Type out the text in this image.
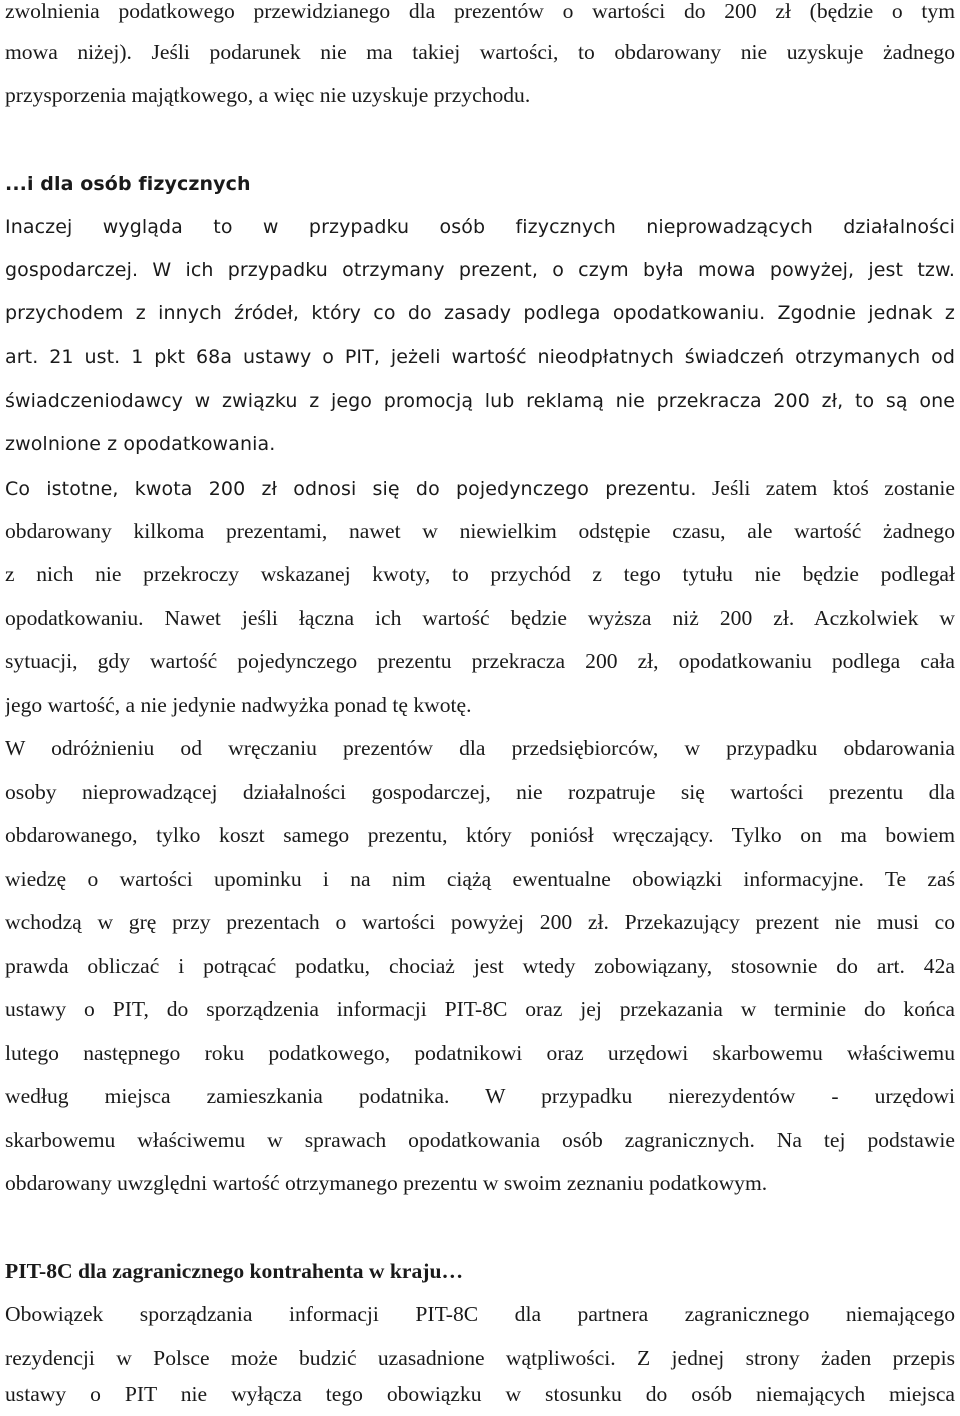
zwolnienia podatkowego przewidzianego dla prezentów o wartości do 200 zł (będzie o tym
mowa niżej). Jeśli podarunek nie ma takiej wartości, to obdarowany nie uzyskuje żadnego
przysporzenia majątkowego, a więc nie uzyskuje przychodu.
...i dla osób fizycznych
Inaczej wygląda to w przypadku osób fizycznych nieprowadzących działalności
gospodarczej. W ich przypadku otrzymany prezent, o czym była mowa powyżej, jest tzw.
przychodem z innych źródeł, który co do zasady podlega opodatkowaniu. Zgodnie jednak z
art. 21 ust. 1 pkt 68a ustawy o PIT, jeżeli wartość nieodpłatnych świadczeń otrzymanych od
świadczeniodawcy w związku z jego promocją lub reklamą nie przekracza 200 zł, to są one
zwolnione z opodatkowania.
Co istotne, kwota 200 zł odnosi się do pojedynczego prezentu. Jeśli zatem ktoś zostanie
obdarowany kilkoma prezentami, nawet w niewielkim odstępie czasu, ale wartość żadnego
z nich nie przekroczy wskazanej kwoty, to przychód z tego tytułu nie będzie podlegał
opodatkowaniu. Nawet jeśli łączna ich wartość będzie wyższa niż 200 zł. Aczkolwiek w
sytuacji, gdy wartość pojedynczego prezentu przekracza 200 zł, opodatkowaniu podlega cała
jego wartość, a nie jedynie nadwyżka ponad tę kwotę.
W odróżnieniu od wręczaniu prezentów dla przedsiębiorców, w przypadku obdarowania
osoby nieprowadzącej działalności gospodarczej, nie rozpatruje się wartości prezentu dla
obdarowanego, tylko koszt samego prezentu, który poniósł wręczający. Tylko on ma bowiem
wiedzę o wartości upominku i na nim ciążą ewentualne obowiązki informacyjne. Te zaś
wchodzą w grę przy prezentach o wartości powyżej 200 zł. Przekazujący prezent nie musi co
prawda obliczać i potrącać podatku, chociaż jest wtedy zobowiązany, stosownie do art. 42a
ustawy o PIT, do sporządzenia informacji PIT-8C oraz jej przekazania w terminie do końca
lutego następnego roku podatkowego, podatnikowi oraz urzędowi skarbowemu właściwemu
według miejsca zamieszkania podatnika. W przypadku nierezydentów - urzędowi
skarbowemu właściwemu w sprawach opodatkowania osób zagranicznych. Na tej podstawie
obdarowany uwzględni wartość otrzymanego prezentu w swoim zeznaniu podatkowym.
PIT-8C dla zagranicznego kontrahenta w kraju…
Obowiązek sporządzania informacji PIT-8C dla partnera zagranicznego niemającego
rezydencji w Polsce może budzić uzasadnione wątpliwości. Z jednej strony żaden przepis
ustawy o PIT nie wyłącza tego obowiązku w stosunku do osób niemających miejsca
